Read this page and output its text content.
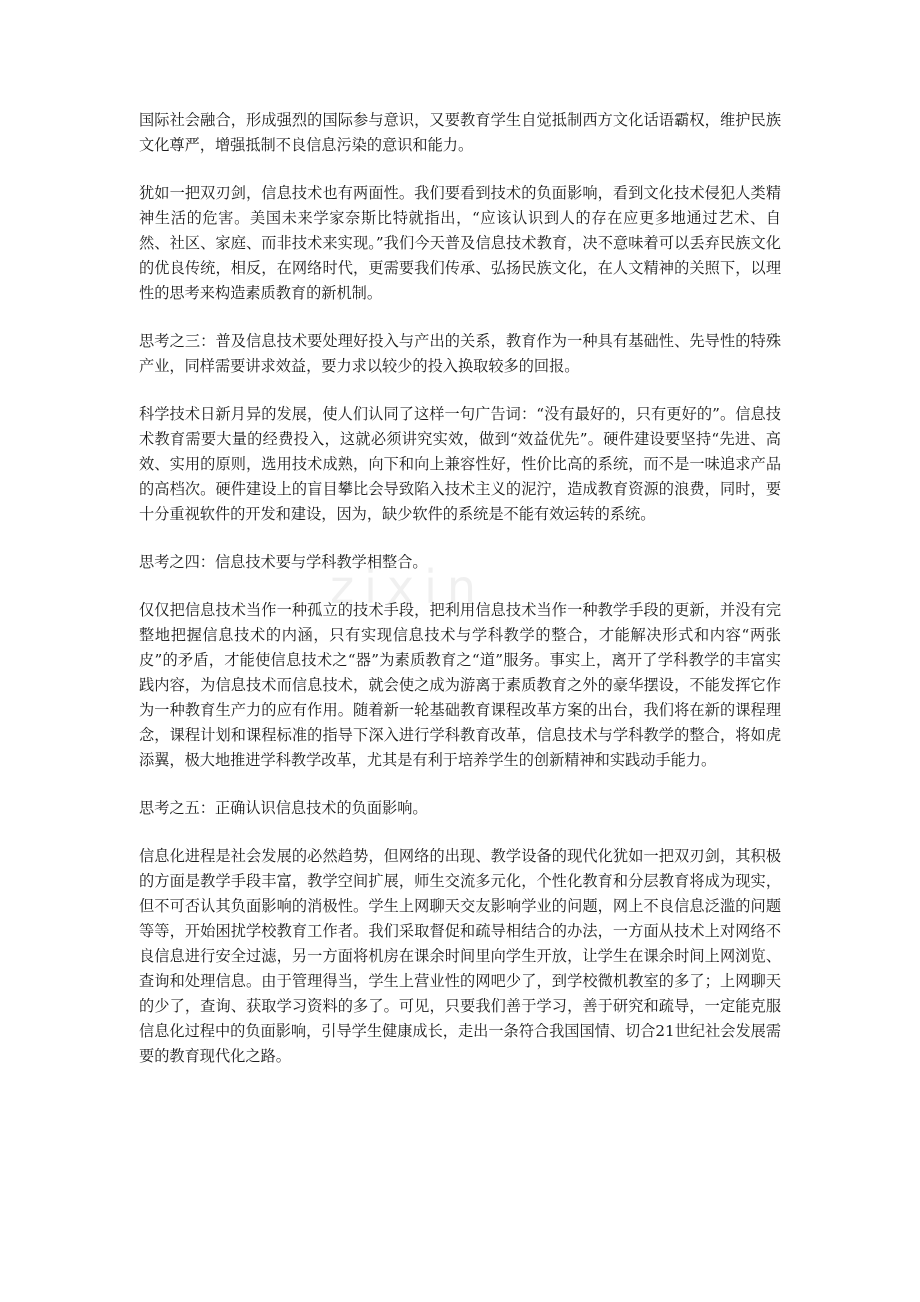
zixin

国际社会融合，形成强烈的国际参与意识，又要教育学生自觉抵制西方文化话语霸权，维护民族文化尊严，增强抵制不良信息污染的意识和能力。

犹如一把双刃剑，信息技术也有两面性。我们要看到技术的负面影响，看到文化技术侵犯人类精神生活的危害。美国未来学家奈斯比特就指出，“应该认识到人的存在应更多地通过艺术、自然、社区、家庭、而非技术来实现。”我们今天普及信息技术教育，决不意味着可以丢弃民族文化的优良传统，相反，在网络时代，更需要我们传承、弘扬民族文化，在人文精神的关照下，以理性的思考来构造素质教育的新机制。

思考之三：普及信息技术要处理好投入与产出的关系，教育作为一种具有基础性、先导性的特殊产业，同样需要讲求效益，要力求以较少的投入换取较多的回报。

科学技术日新月异的发展，使人们认同了这样一句广告词：“没有最好的，只有更好的”。信息技术教育需要大量的经费投入，这就必须讲究实效，做到“效益优先”。硬件建设要坚持“先进、高效、实用的原则，选用技术成熟，向下和向上兼容性好，性价比高的系统，而不是一味追求产品的高档次。硬件建设上的盲目攀比会导致陷入技术主义的泥泞，造成教育资源的浪费，同时，要十分重视软件的开发和建设，因为，缺少软件的系统是不能有效运转的系统。

思考之四：信息技术要与学科教学相整合。

仅仅把信息技术当作一种孤立的技术手段，把利用信息技术当作一种教学手段的更新，并没有完整地把握信息技术的内涵，只有实现信息技术与学科教学的整合，才能解决形式和内容“两张皮”的矛盾，才能使信息技术之“器”为素质教育之“道”服务。事实上，离开了学科教学的丰富实践内容，为信息技术而信息技术，就会使之成为游离于素质教育之外的豪华摆设，不能发挥它作为一种教育生产力的应有作用。随着新一轮基础教育课程改革方案的出台，我们将在新的课程理念，课程计划和课程标准的指导下深入进行学科教育改革，信息技术与学科教学的整合，将如虎添翼，极大地推进学科教学改革，尤其是有利于培养学生的创新精神和实践动手能力。

思考之五：正确认识信息技术的负面影响。

信息化进程是社会发展的必然趋势，但网络的出现、教学设备的现代化犹如一把双刃剑，其积极的方面是教学手段丰富，教学空间扩展，师生交流多元化，个性化教育和分层教育将成为现实，但不可否认其负面影响的消极性。学生上网聊天交友影响学业的问题，网上不良信息泛滥的问题等等，开始困扰学校教育工作者。我们采取督促和疏导相结合的办法，一方面从技术上对网络不良信息进行安全过滤，另一方面将机房在课余时间里向学生开放，让学生在课余时间上网浏览、查询和处理信息。由于管理得当，学生上营业性的网吧少了，到学校微机教室的多了；上网聊天的少了，查询、获取学习资料的多了。可见，只要我们善于学习，善于研究和疏导，一定能克服信息化过程中的负面影响，引导学生健康成长，走出一条符合我国国情、切合21世纪社会发展需要的教育现代化之路。
